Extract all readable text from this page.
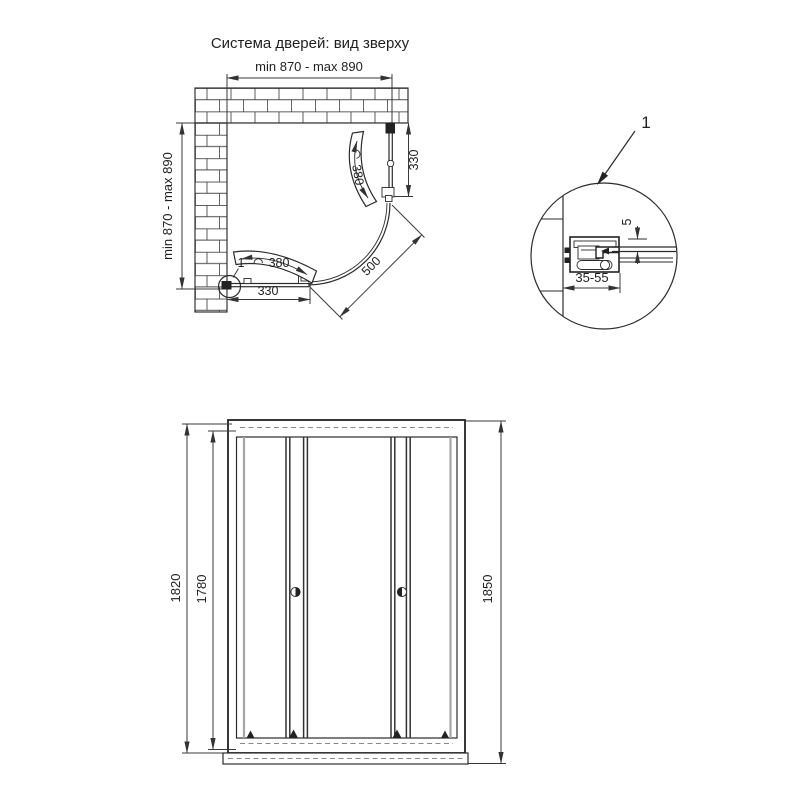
Система дверей: вид зверху
min 870 - max 890
min 870 - max 890	330
330
500
380
380
1
1
5
35-55
1820 1780	1850
